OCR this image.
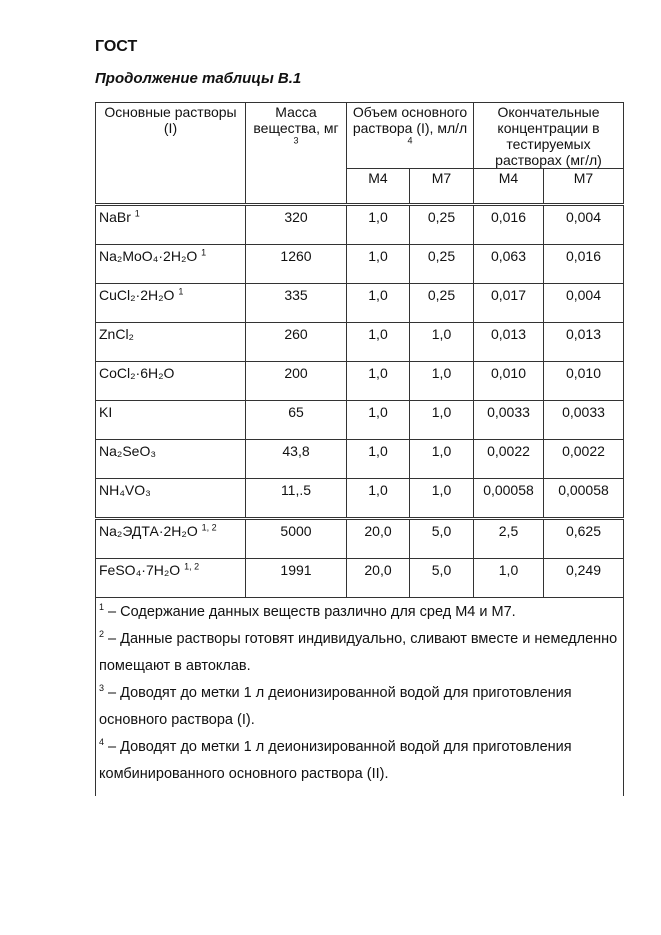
ГОСТ
Продолжение таблицы В.1
Основные растворы (I)	Масса вещества, мг $^3$	Объем основного раствора (I), мл/л $^4$		Окончательные концентрации в тестируемых растворах (мг/л)	
		М4	М7	М4	М7
NaBr $^1$	320	1,0	0,25	0,016	0,004
Na₂MoO₄·2H₂O $^1$	1260	1,0	0,25	0,063	0,016
CuCl₂·2H₂O $^1$	335	1,0	0,25	0,017	0,004
ZnCl₂	260	1,0	1,0	0,013	0,013
CoCl₂·6H₂O	200	1,0	1,0	0,010	0,010
KI	65	1,0	1,0	0,0033	0,0033
Na₂SeO₃	43,8	1,0	1,0	0,0022	0,0022
NH₄VO₃	11,.5	1,0	1,0	0,00058	0,00058
Na₂ЭДТА·2H₂O $^{1, 2}$	5000	20,0	5,0	2,5	0,625
FeSO₄·7H₂O $^{1, 2}$	1991	20,0	5,0	1,0	0,249

$^1$ – Содержание данных веществ различно для сред М4 и М7.
$^2$ – Данные растворы готовят индивидуально, сливают вместе и немедленно помещают в автоклав.
$^3$ – Доводят до метки 1 л деионизированной водой для приготовления основного раствора (I).
$^4$ – Доводят до метки 1 л деионизированной водой для приготовления комбинированного основного раствора (II).					
